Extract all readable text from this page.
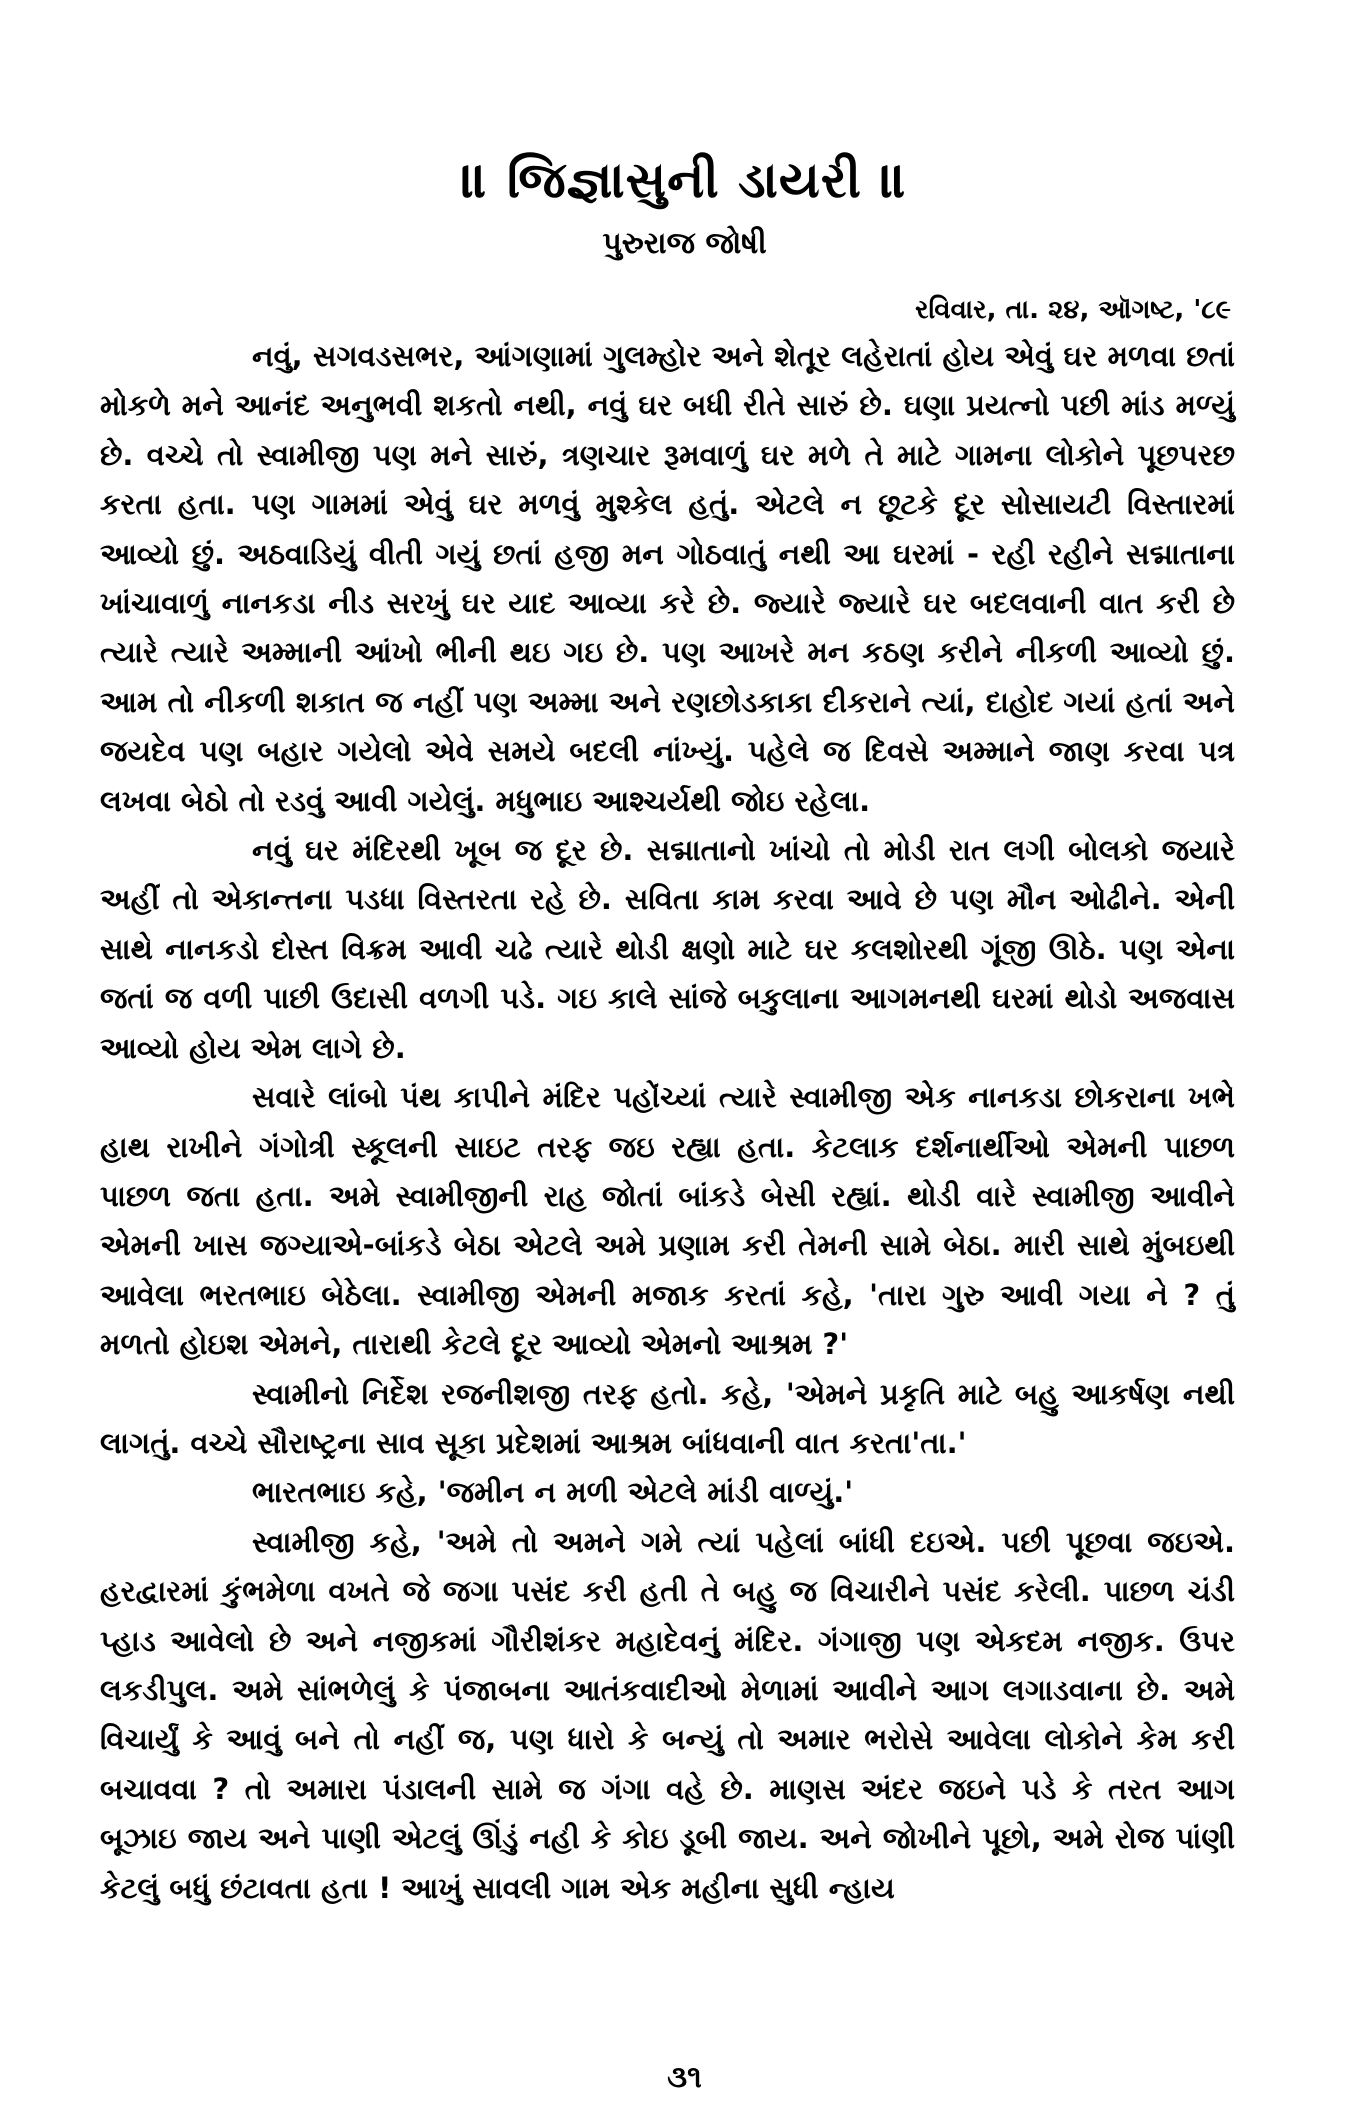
॥ જિજ્ઞાસુની ડાયરી ॥
પુરુરાજ જોષી
રવિવાર, તા. ૨૪, ઑગષ્ટ, '૮૯

નવું, સગવડસભર, આંગણામાં ગુલમ્હોર અને શેતૂર લહેરાતાં હોય એવું ઘર મળવા છતાં મોકળે મને આનંદ અનુભવી શકતો નથી, નવું ઘર બધી રીતે સારું છે. ઘણા પ્રયત્નો પછી માંડ મળ્યું છે. વચ્ચે તો સ્વામીજી પણ મને સારું, ત્રણચાર રૂમવાળું ઘર મળે તે માટે ગામના લોકોને પૂછપરછ કરતા હતા. પણ ગામમાં એવું ઘર મળવું મુશ્કેલ હતું. એટલે ન છૂટકે દૂર સોસાયટી વિસ્તારમાં આવ્યો છું. અઠવાડિયું વીતી ગયું છતાં હજી મન ગોઠવાતું નથી આ ઘરમાં - રહી રહીને સદ્માતાના ખાંચાવાળું નાનકડા નીડ સરખું ઘર યાદ આવ્યા કરે છે. જ્યારે જ્યારે ઘર બદલવાની વાત કરી છે ત્યારે ત્યારે અમ્માની આંખો ભીની થઇ ગઇ છે. પણ આખરે મન કઠણ કરીને નીકળી આવ્યો છું. આમ તો નીકળી શકાત જ નહીં પણ અમ્મા અને રણછોડકાકા દીકરાને ત્યાં, દાહોદ ગયાં હતાં અને જયદેવ પણ બહાર ગયેલો એવે સમયે બદલી નાંખ્યું. પહેલે જ દિવસે અમ્માને જાણ કરવા પત્ર લખવા બેઠો તો રડવું આવી ગયેલું. મધુભાઇ આશ્ચર્યથી જોઇ રહેલા.

નવું ઘર મંદિરથી ખૂબ જ દૂર છે. સદ્માતાનો ખાંચો તો મોડી રાત લગી બોલકો જયારે અહીં તો એકાન્તના પડધા વિસ્તરતા રહે છે. સવિતા કામ કરવા આવે છે પણ મૌન ઓઢીને. એની સાથે નાનકડો દોસ્ત વિક્રમ આવી ચઢે ત્યારે થોડી ક્ષણો માટે ઘર કલશોરથી ગૂંજી ઊઠે. પણ એના જતાં જ વળી પાછી ઉદાસી વળગી પડે. ગઇ કાલે સાંજે બકુલાના આગમનથી ઘરમાં થોડો અજવાસ આવ્યો હોય એમ લાગે છે.

સવારે લાંબો પંથ કાપીને મંદિર પહોંચ્યાં ત્યારે સ્વામીજી એક નાનકડા છોકરાના ખભે હાથ રાખીને ગંગોત્રી સ્કૂલની સાઇટ તરફ જઇ રહ્યા હતા. કેટલાક દર્શનાર્થીઓ એમની પાછળ પાછળ જતા હતા. અમે સ્વામીજીની રાહ જોતાં બાંકડે બેસી રહ્યાં. થોડી વારે સ્વામીજી આવીને એમની ખાસ જગ્યાએ-બાંકડે બેઠા એટલે અમે પ્રણામ કરી તેમની સામે બેઠા. મારી સાથે મુંબઇથી આવેલા ભરતભાઇ બેઠેલા. સ્વામીજી એમની મજાક કરતાં કહે, 'તારા ગુરુ આવી ગયા ને ? તું મળતો હોઇશ એમને, તારાથી કેટલે દૂર આવ્યો એમનો આશ્રમ ?'

સ્વામીનો નિર્દેશ રજનીશજી તરફ હતો. કહે, 'એમને પ્રકૃતિ માટે બહુ આકર્ષણ નથી લાગતું. વચ્ચે સૌરાષ્ટ્રના સાવ સૂકા પ્રદેશમાં આશ્રમ બાંધવાની વાત કરતા'તા.'

ભારતભાઇ કહે, 'જમીન ન મળી એટલે માંડી વાળ્યું.'

સ્વામીજી કહે, 'અમે તો અમને ગમે ત્યાં પહેલાં બાંધી દઇએ. પછી પૂછવા જઇએ. હરદ્વારમાં કુંભમેળા વખતે જે જગા પસંદ કરી હતી તે બહુ જ વિચારીને પસંદ કરેલી. પાછળ ચંડી પ્હાડ આવેલો છે અને નજીકમાં ગૌરીશંકર મહાદેવનું મંદિર. ગંગાજી પણ એકદમ નજીક. ઉપર લકડીપુલ. અમે સાંભળેલું કે પંજાબના આતંકવાદીઓ મેળામાં આવીને આગ લગાડવાના છે. અમે વિચાર્યું કે આવું બને તો નહીં જ, પણ ધારો કે બન્યું તો અમાર ભરોસે આવેલા લોકોને કેમ કરી બચાવવા ? તો અમારા પંડાલની સામે જ ગંગા વહે છે. માણસ અંદર જઇને પડે કે તરત આગ બૂઝાઇ જાય અને પાણી એટલું ઊંડું નહી કે કોઇ ડૂબી જાય. અને જોખીને પૂછો, અમે રોજ પાંણી કેટલું બધું છંટાવતા હતા ! આખું સાવલી ગામ એક મહીના સુધી ન્હાય

૩૧
